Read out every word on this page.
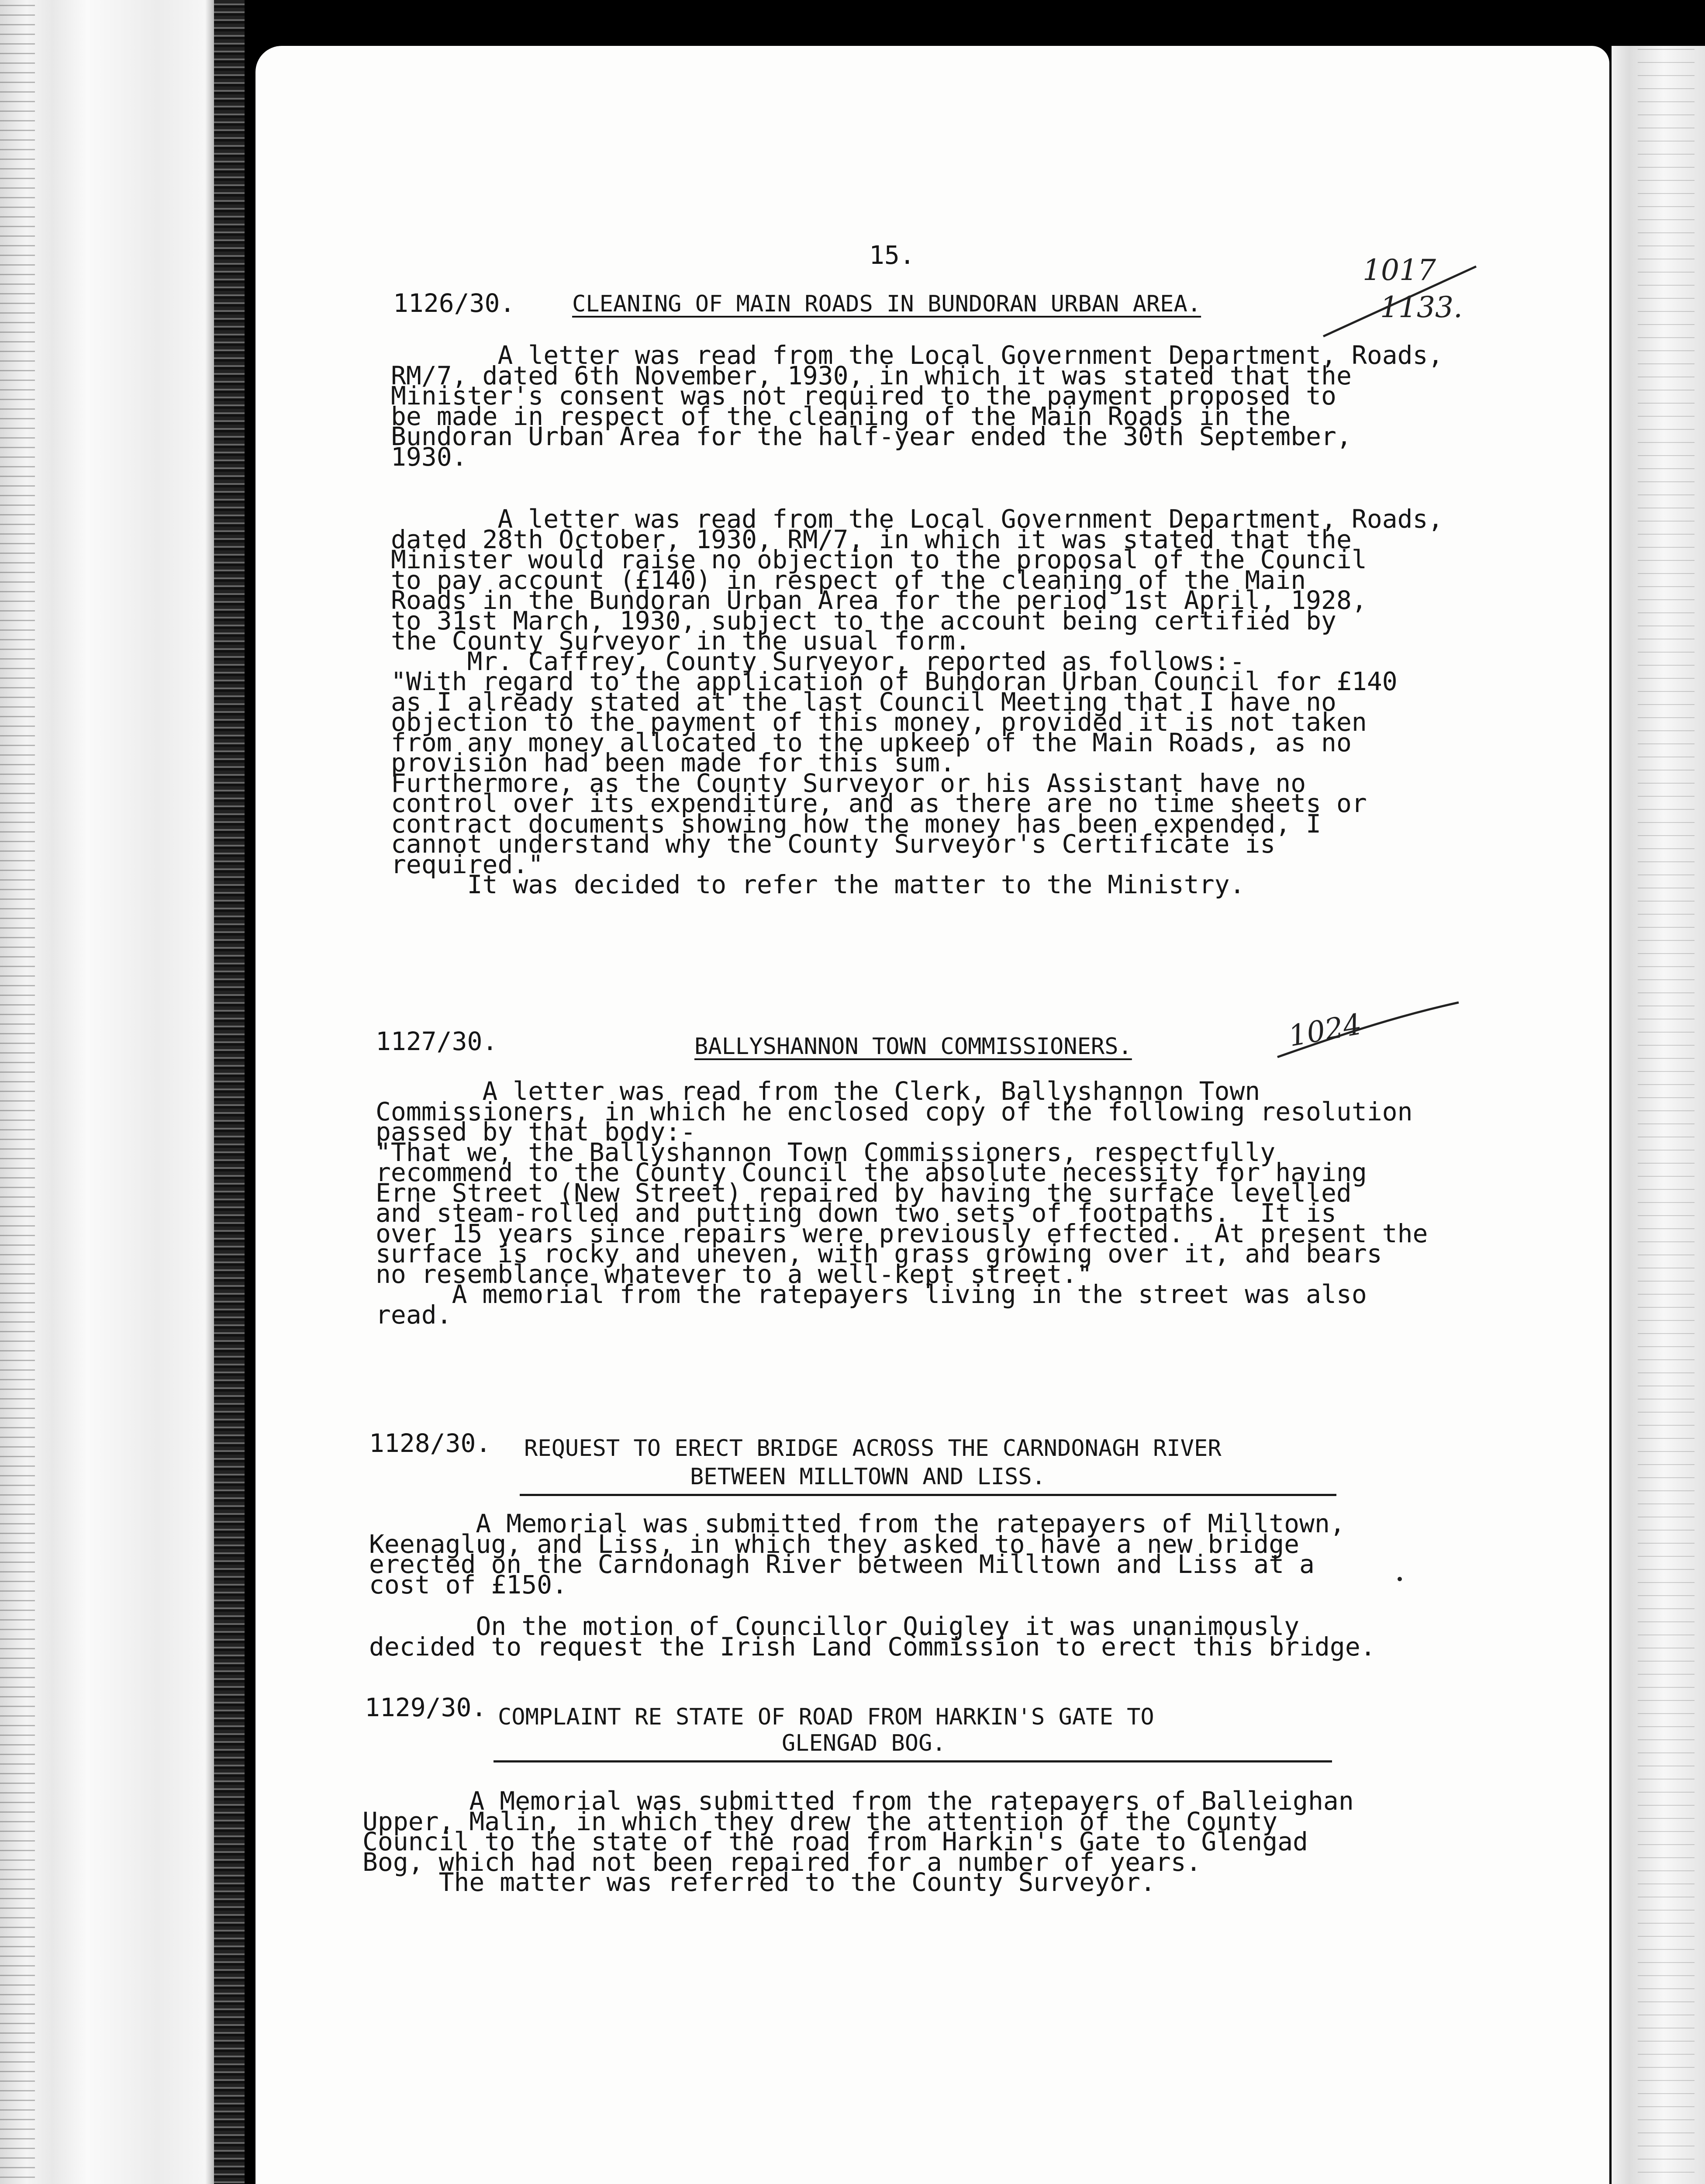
15.	1017
1133.
1024
1126/30.	CLEANING OF MAIN ROADS IN BUNDORAN URBAN AREA.
A letter was read from the Local Government Department, Roads,
RM/7, dated 6th November, 1930, in which it was stated that the
Minister's consent was not required to the payment proposed to
be made in respect of the cleaning of the Main Roads in the
Bundoran Urban Area for the half-year ended the 30th September,
1930.
A letter was read from the Local Government Department, Roads,
dated 28th October, 1930, RM/7, in which it was stated that the
Minister would raise no objection to the proposal of the Council
to pay account (£140) in respect of the cleaning of the Main
Roads in the Bundoran Urban Area for the period 1st April, 1928,
to 31st March, 1930, subject to the account being certified by
the County Surveyor in the usual form.
Mr. Caffrey, County Surveyor, reported as follows:-
"With regard to the application of Bundoran Urban Council for £140
as I already stated at the last Council Meeting that I have no
objection to the payment of this money, provided it is not taken
from any money allocated to the upkeep of the Main Roads, as no
provision had been made for this sum.
Furthermore, as the County Surveyor or his Assistant have no
control over its expenditure, and as there are no time sheets or
contract documents showing how the money has been expended, I
cannot understand why the County Surveyor's Certificate is
required."
It was decided to refer the matter to the Ministry.
1127/30.	BALLYSHANNON TOWN COMMISSIONERS.
A letter was read from the Clerk, Ballyshannon Town
Commissioners, in which he enclosed copy of the following resolution
passed by that body:-
"That we, the Ballyshannon Town Commissioners, respectfully
recommend to the County Council the absolute necessity for having
Erne Street (New Street) repaired by having the surface levelled
and steam-rolled and putting down two sets of footpaths.  It is
over 15 years since repairs were previously effected.  At present the
surface is rocky and uneven, with grass growing over it, and bears
no resemblance whatever to a well-kept street."
A memorial from the ratepayers living in the street was also
read.
1128/30. REQUEST TO ERECT BRIDGE ACROSS THE CARNDONAGH RIVER
BETWEEN MILLTOWN AND LISS.
A Memorial was submitted from the ratepayers of Milltown,
Keenaglug, and Liss, in which they asked to have a new bridge
erected on the Carndonagh River between Milltown and Liss at a
cost of £150.
On the motion of Councillor Quigley it was unanimously
decided to request the Irish Land Commission to erect this bridge.
1129/30. COMPLAINT RE STATE OF ROAD FROM HARKIN'S GATE TO
GLENGAD BOG.
A Memorial was submitted from the ratepayers of Balleighan
Upper, Malin, in which they drew the attention of the County
Council to the state of the road from Harkin's Gate to Glengad
Bog, which had not been repaired for a number of years.
The matter was referred to the County Surveyor.
